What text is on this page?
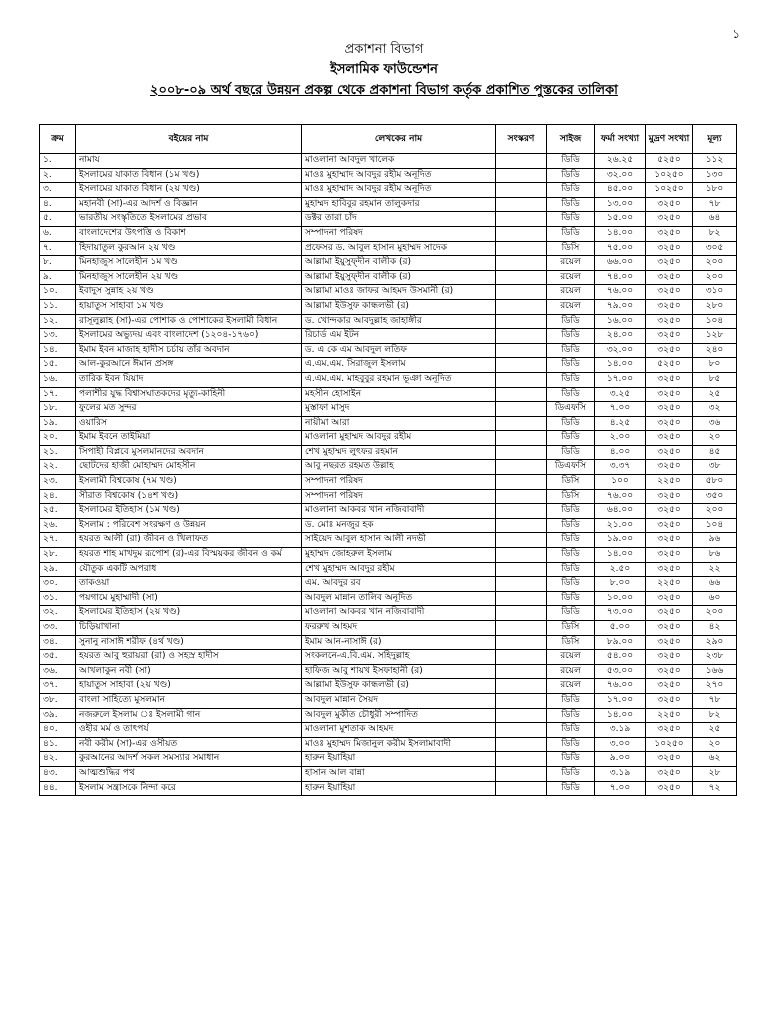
১
প্রকাশনা বিভাগ
ইসলামিক ফাউন্ডেশন
২০০৮-০৯ অর্থ বছরে উন্নয়ন প্রকল্প থেকে প্রকাশনা বিভাগ কর্তৃক প্রকাশিত পুস্তকের তালিকা
ক্রম	বইয়ের নাম	লেখকের নাম	সংস্করণ	সাইজ	ফর্মা সংখ্যা	মুদ্রণ সংখ্যা	মূল্য
১.	নামায	মাওলানা আবদুল খালেক		ডিডি	২৬.২৫	৫২৫০	১১২
২.	ইসলামের যাকাত বিধান (১ম খণ্ড)	মাওঃ মুহাম্মাদ আবদুর রহীম অনূদিত		ডিডি	৩২.০০	১০২৫০	১৩০
৩.	ইসলামের যাকাত বিধান (২য় খণ্ড)	মাওঃ মুহাম্মাদ আবদুর রহীম অনূদিত		ডিডি	৪৫.০০	১০২৫০	১৮০
৪.	মহানবী (সা)-এর আদর্শ ও বিজ্ঞান	মুহাম্মদ হাবিবুর রহমান তালুকদার		ডিডি	১৩.০০	৩২৫০	৭৮
৫.	ভারতীয় সংস্কৃতিতে ইসলামের প্রভাব	ডক্টর তারা চাঁদ		ডিডি	১৫.০০	৩২৫০	৬৪
৬.	বাংলাদেশের উৎপত্তি ও বিকাশ	সম্পাদনা পরিষদ		ডিডি	১৪.০০	৩২৫০	৮২
৭.	হিদায়াতুল কুরআন ২য় খণ্ড	প্রফেসর ড. আবুল হাসান মুহাম্মদ সাদেক		ডিসি	৭৫.০০	৩২৫০	৩০৫
৮.	মিনহাজুস সালেহীন ১ম খণ্ড	আল্লামা ইয়ুসুফ্দীন বালীক (র)		রয়েল	৬৬.০০	৩২৫০	২০০
৯.	মিনহাজুস সালেহীন ২য় খণ্ড	আল্লামা ইয়ুসুফ্দীন বালীক (র)		রয়েল	৭৪.০০	৩২৫০	২০০
১০.	ইবাদুস সুন্নাহ ২য় খণ্ড	আল্লামা মাওঃ জাফর আহমদ উসমানী (র)		রয়েল	৭৬.০০	৩২৫০	৩১০
১১.	হায়াতুস সাহাবা ১ম খণ্ড	আল্লামা ইউসুফ কান্ধলভী (র)		রয়েল	৭৯.০০	৩২৫০	২৮০
১২.	রাসূলুল্লাহ (সা)-এর পোশাক ও পোশাকের ইসলামী বিধান	ড. খোন্দকার আবদুল্লাহ জাহাঙ্গীর		ডিডি	১৬.০০	৩২৫০	১০৪
১৩.	ইসলামের অভ্যুদয় এবং বাংলাদেশ (১২০৪-১৭৬০)	রিচার্ড এম ইটন		ডিডি	২৪.০০	৩২৫০	১২৮
১৪.	ইমাম ইবন মাজাহ হাদীস চর্চায় তাঁর অবদান	ড. এ কে এম আবদুল লতিফ		ডিডি	৩২.০০	৩২৫০	২৪০
১৫.	আল-কুরআনে ঈমান প্রসঙ্গ	এ.এম.এম. সিরাজুল ইসলাম		ডিডি	১৪.০০	৫২৫০	৮০
১৬.	তারিক ইবন যিয়াদ	এ.এম.এম. মাহবুবুর রহমান ভূঞা অনূদিত		ডিডি	১৭.০০	৩২৫০	৮৫
১৭.	পলাশীর যুদ্ধ বিশ্বাসঘাতকদের মৃত্যু-কাহিনী	মহসীন হোসাইন		ডিডি	৩.২৫	৩২৫০	২৫
১৮.	ফুলের মত সুন্দর	মুস্তাফা মাসুদ		ডিএফসি	৭.০০	৩২৫০	৩২
১৯.	ওয়ারিস	নায়ীমা আরা		ডিডি	৪.২৫	৩২৫০	৩৬
২০.	ইমাম ইবনে তাইমিয়া	মাওলানা মুহাম্মদ আবদুর রহীম		ডিডি	২.০০	৩২৫০	২০
২১.	সিপাহী বিপ্লবে মুসলমানদের অবদান	শেখ মুহাম্মদ লুৎফর রহমান		ডিডি	৪.০০	৩২৫০	৪৫
২২.	ছোটদের হাজী মোহাম্মদ মোহসীন	আবু নছরত রহমত উল্লাহ		ডিএফসি	৩.৩৭	৩২৫০	৩৮
২৩.	ইসলামী বিশ্বকোষ (৭ম খণ্ড)	সম্পাদনা পরিষদ		ডিসি	১০০	২২৫০	৫৮০
২৪.	সীরাত বিশ্বকোষ (১৪শ খণ্ড)	সম্পাদনা পরিষদ		ডিসি	৭৬.০০	৩২৫০	৩৫০
২৫.	ইসলামের ইতিহাস (১ম খণ্ড)	মাওলানা আকবর খান নজিবাবাদী		ডিডি	৬৪.০০	৩২৫০	২০০
২৬.	ইসলাম : পরিবেশ সংরক্ষণ ও উন্নয়ন	ড. মোঃ মনজুর হক		ডিডি	২১.০০	৩২৫০	১০৪
২৭.	হযরত আলী (রা) জীবন ও খিলাফত	সাইয়েদ আবুল হাসান আলী নদভী		ডিডি	১৯.০০	৩২৫০	৯৬
২৮.	হযরত শাহ মাখদুম রূপোশ (র)-এর বিস্ময়কর জীবন ও কর্ম	মুহাম্মদ জোহরুল ইসলাম		ডিডি	১৪.০০	৩২৫০	৮৬
২৯.	যৌতুক একটি অপরাধ	শেখ মুহাম্মদ আবদুর রহীম		ডিডি	২.৫০	৩২৫০	২২
৩০.	তাকওয়া	এম. আবদুর রব		ডিডি	৮.০০	২২৫০	৬৬
৩১.	পয়গামে মুহাম্মাদী (সা)	আবদুল মান্নান তালিব অনূদিত		ডিডি	১০.০০	৩২৫০	৬০
৩২.	ইসলামের ইতিহাস (২য় খণ্ড)	মাওলানা আকবর খান নজিবাবাদী		ডিডি	৭৩.০০	৩২৫০	২০০
৩৩.	চিড়িয়াখানা	ফররুখ আহমদ		ডিসি	৫.০০	৩২৫০	৪২
৩৪.	সুনানু নাসাঈ শরীফ (৪র্থ খণ্ড)	ইমাম আন-নাসাঈ (র)		ডিসি	৮৯.০০	৩২৫০	২৯০
৩৫.	হযরত আবু হুরায়রা (রা) ও সহস্র হাদীস	সংকলনে-এ.বি.এম. সহিদুল্লাহ		রয়েল	৫৪.০০	৩২৫০	২৩৮
৩৬.	আখলাকুন নবী (সা)	হাফিজ আবু শায়খ ইসফাহানী (র)		রয়েল	৫৩.০০	৩২৫০	১৬৬
৩৭.	হায়াতুস সাহাবা (২য় খণ্ড)	আল্লামা ইউসুফ কান্ধলভী (র)		রয়েল	৭৬.০০	৩২৫০	২৭০
৩৮.	বাংলা সাহিত্যে মুসলমান	আবদুল মান্নান সৈয়দ		ডিডি	১৭.০০	৩২৫০	৭৮
৩৯.	নজরুলে ইসলাম ঃ ইসলামী গান	আবদুল মুকীত চৌধুরী সম্পাদিত		ডিডি	১৪.০০	২২৫০	৮২
৪০.	ওহীর মর্ম ও তাৎপর্য	মাওলানা মুশতাক আহমদ		ডিডি	৩.১৯	৩২৫০	২৫
৪১.	নবী করীম (সা)-এর ওসীয়ত	মাওঃ মুহাম্মদ মিজানুল করীম ইসলামাবাদী		ডিডি	৩.০০	১০২৫০	২০
৪২.	কুরআনের আদর্শ সকল সমস্যার সমাধান	হারুন ইয়াহিয়া		ডিডি	৯.০০	৩২৫০	৬২
৪৩.	আত্মশুদ্ধির পথ	হাসান আল বান্না		ডিডি	৩.১৯	৩২৫০	২৮
৪৪.	ইসলাম সন্ত্রাসকে নিন্দা করে	হারুন ইয়াহিয়া		ডিডি	৭.০০	৩২৫০	৭২
